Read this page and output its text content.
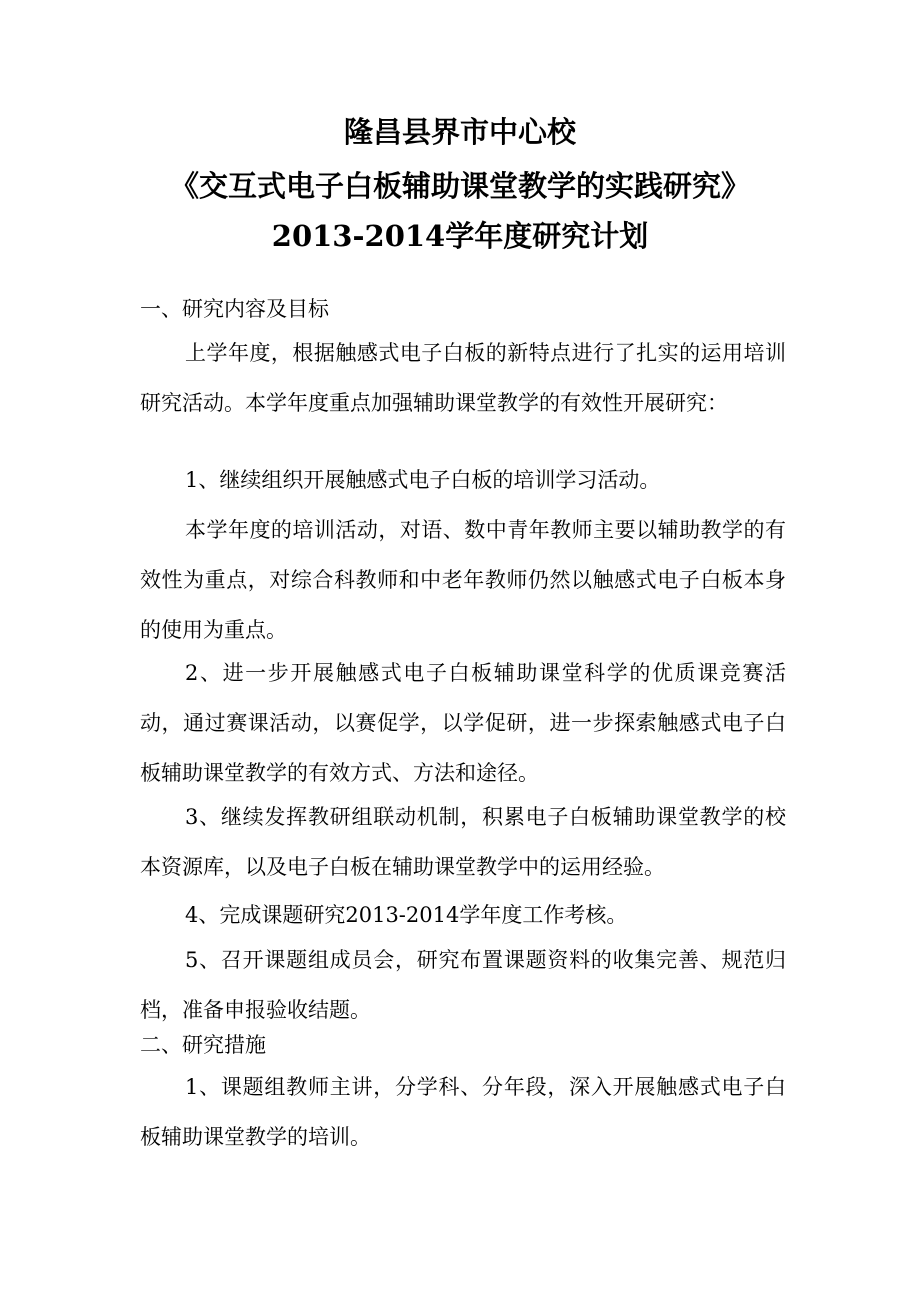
隆昌县界市中心校
《交互式电子白板辅助课堂教学的实践研究》
2013-2014学年度研究计划
一、研究内容及目标
上学年度，根据触感式电子白板的新特点进行了扎实的运用培训研究活动。本学年度重点加强辅助课堂教学的有效性开展研究：
1、继续组织开展触感式电子白板的培训学习活动。
本学年度的培训活动，对语、数中青年教师主要以辅助教学的有效性为重点，对综合科教师和中老年教师仍然以触感式电子白板本身的使用为重点。
2、进一步开展触感式电子白板辅助课堂科学的优质课竞赛活动，通过赛课活动，以赛促学，以学促研，进一步探索触感式电子白板辅助课堂教学的有效方式、方法和途径。
3、继续发挥教研组联动机制，积累电子白板辅助课堂教学的校本资源库，以及电子白板在辅助课堂教学中的运用经验。
4、完成课题研究2013-2014学年度工作考核。
5、召开课题组成员会，研究布置课题资料的收集完善、规范归档，准备申报验收结题。
二、研究措施
1、课题组教师主讲，分学科、分年段，深入开展触感式电子白板辅助课堂教学的培训。
